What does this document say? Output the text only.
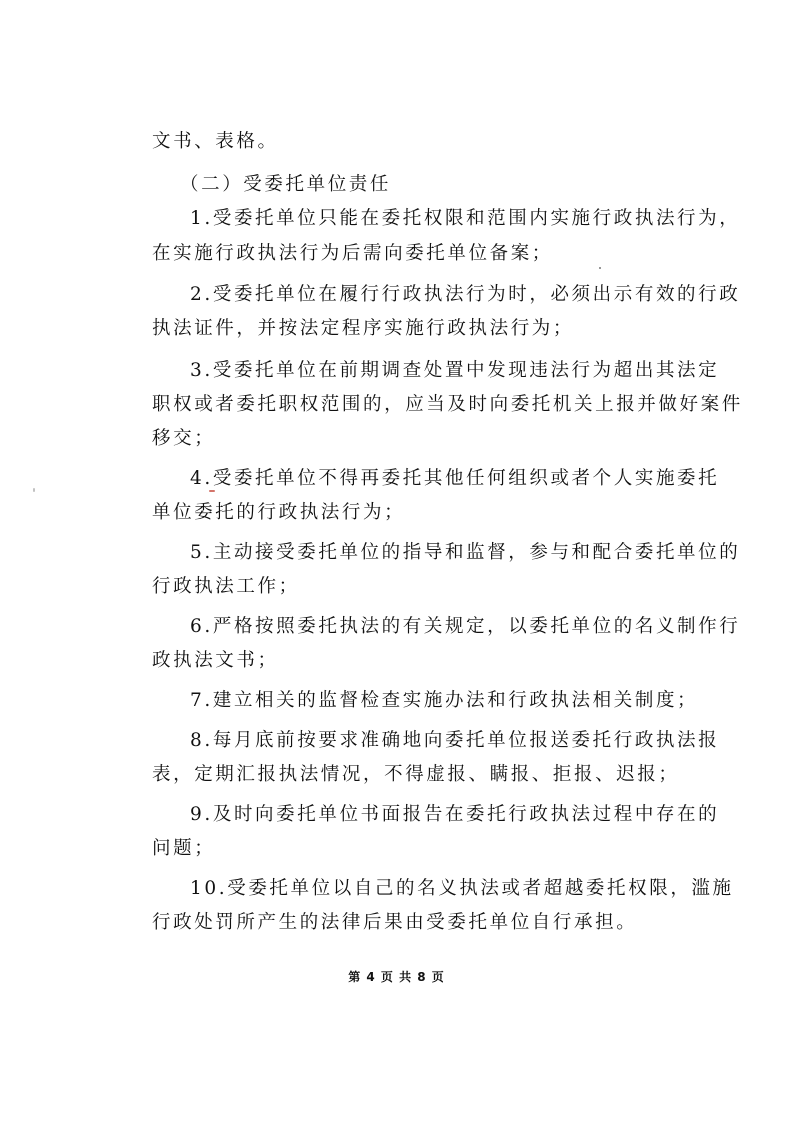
文书、表格。
（二）受委托单位责任
1.受委托单位只能在委托权限和范围内实施行政执法行为，
在实施行政执法行为后需向委托单位备案；
2.受委托单位在履行行政执法行为时，必须出示有效的行政
执法证件，并按法定程序实施行政执法行为；
3.受委托单位在前期调查处置中发现违法行为超出其法定
职权或者委托职权范围的，应当及时向委托机关上报并做好案件
移交；
4.受委托单位不得再委托其他任何组织或者个人实施委托
单位委托的行政执法行为；
5.主动接受委托单位的指导和监督，参与和配合委托单位的
行政执法工作；
6.严格按照委托执法的有关规定，以委托单位的名义制作行
政执法文书；
7.建立相关的监督检查实施办法和行政执法相关制度；
8.每月底前按要求准确地向委托单位报送委托行政执法报
表，定期汇报执法情况，不得虚报、瞒报、拒报、迟报；
9.及时向委托单位书面报告在委托行政执法过程中存在的
问题；
10.受委托单位以自己的名义执法或者超越委托权限，滥施
行政处罚所产生的法律后果由受委托单位自行承担。
第 4 页 共 8 页
